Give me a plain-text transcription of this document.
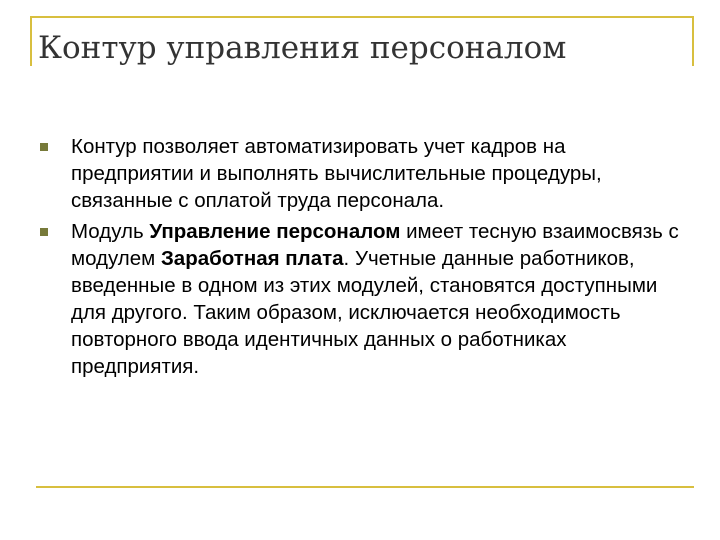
Контур управления персоналом
Контур позволяет автоматизировать учет кадров на предприятии и выполнять вычислительные процедуры, связанные с оплатой труда персонала.
Модуль Управление персоналом имеет тесную взаимосвязь с модулем Заработная плата. Учетные данные работников, введенные в одном из этих модулей, становятся доступными для другого. Таким образом, исключается необходимость повторного ввода идентичных данных о работниках предприятия.
